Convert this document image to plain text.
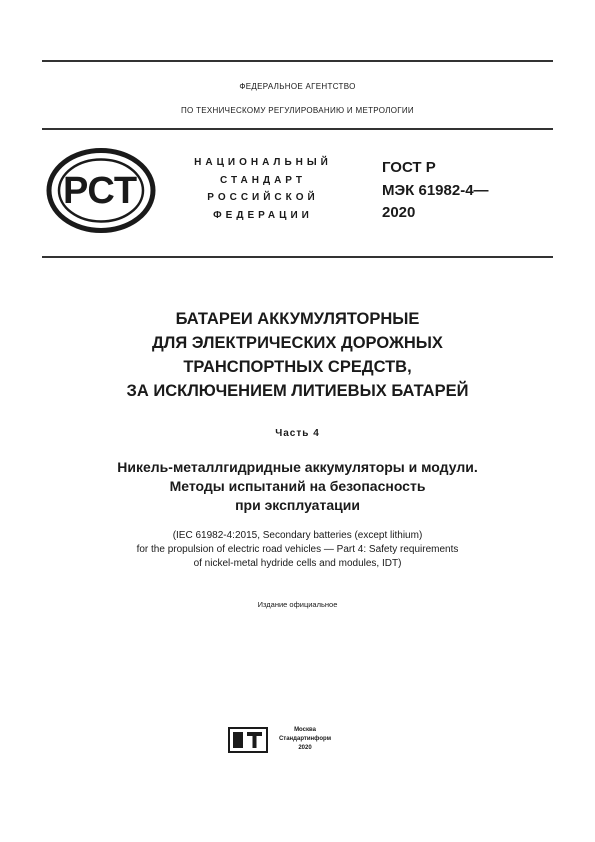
ФЕДЕРАЛЬНОЕ АГЕНТСТВО
ПО ТЕХНИЧЕСКОМУ РЕГУЛИРОВАНИЮ И МЕТРОЛОГИИ
РСТ
НАЦИОНАЛЬНЫЙ
СТАНДАРТ
РОССИЙСКОЙ
ФЕДЕРАЦИИ
ГОСТ Р
МЭК 61982-4—
2020
БАТАРЕИ АККУМУЛЯТОРНЫЕ
ДЛЯ ЭЛЕКТРИЧЕСКИХ ДОРОЖНЫХ
ТРАНСПОРТНЫХ СРЕДСТВ,
ЗА ИСКЛЮЧЕНИЕМ ЛИТИЕВЫХ БАТАРЕЙ
Часть 4
Никель-металлгидридные аккумуляторы и модули.
Методы испытаний на безопасность
при эксплуатации
(IEC 61982-4:2015, Secondary batteries (except lithium)
for the propulsion of electric road vehicles — Part 4: Safety requirements
of nickel-metal hydride cells and modules, IDT)
Издание официальное
Москва
Стандартинформ
2020
